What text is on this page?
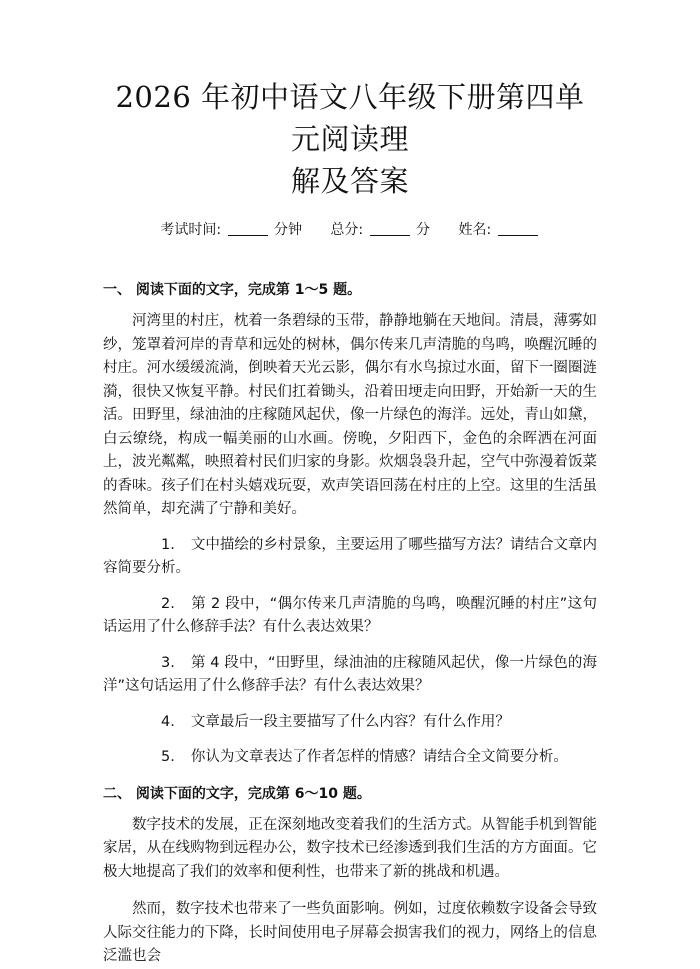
2026 年初中语文八年级下册第四单元阅读理
解及答案
考试时间:	分钟 总分:	分 姓名:
一、 阅读下面的文字，完成第 1～5 题。

河湾里的村庄，枕着一条碧绿的玉带，静静地躺在天地间。清晨，薄雾如纱，笼罩着河岸的青草和远处的树林，偶尔传来几声清脆的鸟鸣，唤醒沉睡的村庄。河水缓缓流淌，倒映着天光云影，偶尔有水鸟掠过水面，留下一圈圈涟漪，很快又恢复平静。村民们扛着锄头，沿着田埂走向田野，开始新一天的生活。田野里，绿油油的庄稼随风起伏，像一片绿色的海洋。远处，青山如黛，白云缭绕，构成一幅美丽的山水画。傍晚，夕阳西下，金色的余晖洒在河面上，波光粼粼，映照着村民们归家的身影。炊烟袅袅升起，空气中弥漫着饭菜的香味。孩子们在村头嬉戏玩耍，欢声笑语回荡在村庄的上空。这里的生活虽然简单，却充满了宁静和美好。

1. 文中描绘的乡村景象，主要运用了哪些描写方法？请结合文章内容简要分析。

2. 第 2 段中，“偶尔传来几声清脆的鸟鸣，唤醒沉睡的村庄”这句话运用了什么修辞手法？有什么表达效果？

3. 第 4 段中，“田野里，绿油油的庄稼随风起伏，像一片绿色的海洋”这句话运用了什么修辞手法？有什么表达效果？

4. 文章最后一段主要描写了什么内容？有什么作用？

5. 你认为文章表达了作者怎样的情感？请结合全文简要分析。

二、 阅读下面的文字，完成第 6～10 题。

数字技术的发展，正在深刻地改变着我们的生活方式。从智能手机到智能家居，从在线购物到远程办公，数字技术已经渗透到我们生活的方方面面。它极大地提高了我们的效率和便利性，也带来了新的挑战和机遇。

然而，数字技术也带来了一些负面影响。例如，过度依赖数字设备会导致人际交往能力的下降，长时间使用电子屏幕会损害我们的视力，网络上的信息泛滥也会
